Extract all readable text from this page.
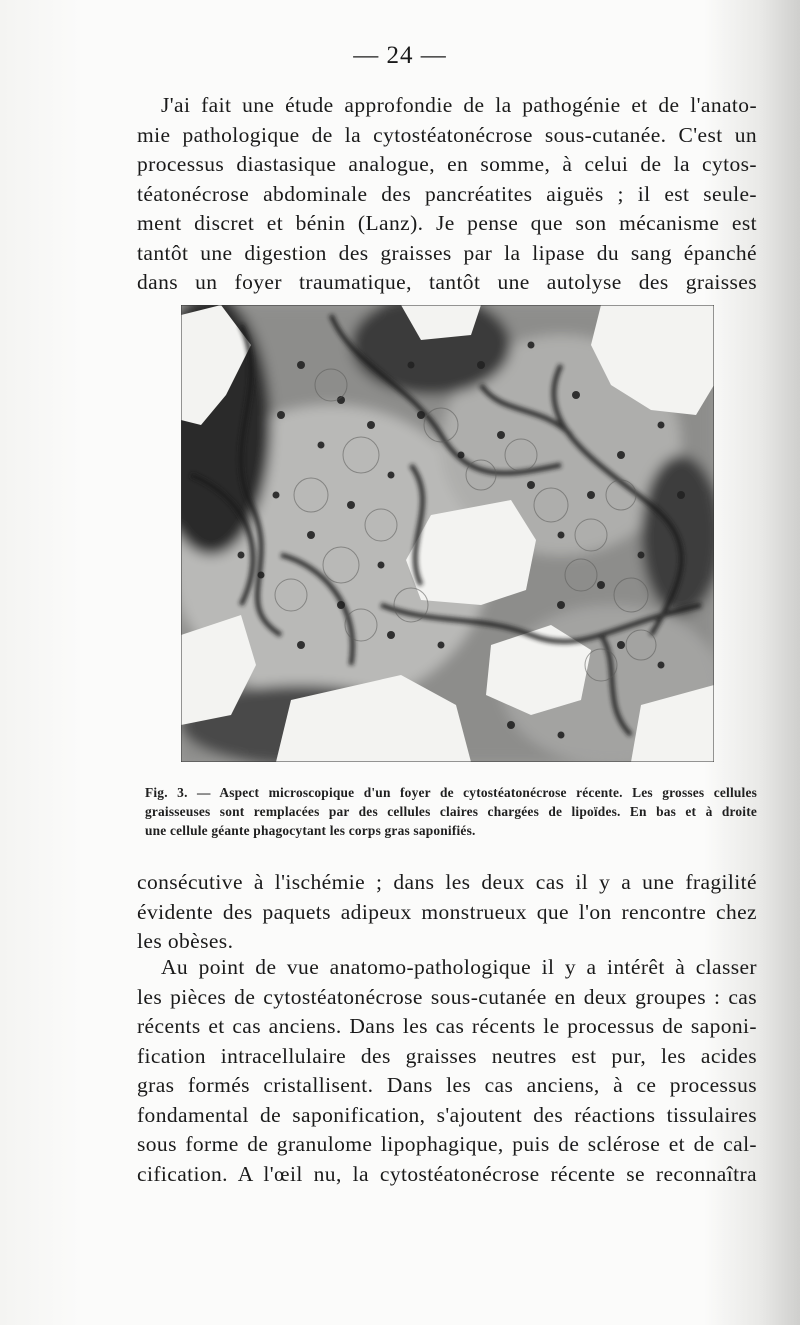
— 24 —
J'ai fait une étude approfondie de la pathogénie et de l'anato-
mie pathologique de la cytostéatonécrose sous-cutanée. C'est un
processus diastasique analogue, en somme, à celui de la cytos-
téatonécrose abdominale des pancréatites aiguës ; il est seule-
ment discret et bénin (Lanz). Je pense que son mécanisme est
tantôt une digestion des graisses par la lipase du sang épanché
dans un foyer traumatique, tantôt une autolyse des graisses
Fig. 3. — Aspect microscopique d'un foyer de cytostéatonécrose récente. Les grosses cellules
graisseuses sont remplacées par des cellules claires chargées de lipoïdes. En bas et à droite
une cellule géante phagocytant les corps gras saponifiés.
consécutive à l'ischémie ; dans les deux cas il y a une fragilité
évidente des paquets adipeux monstrueux que l'on rencontre chez
les obèses.
Au point de vue anatomo-pathologique il y a intérêt à classer
les pièces de cytostéatonécrose sous-cutanée en deux groupes : cas
récents et cas anciens. Dans les cas récents le processus de saponi-
fication intracellulaire des graisses neutres est pur, les acides
gras formés cristallisent. Dans les cas anciens, à ce processus
fondamental de saponification, s'ajoutent des réactions tissulaires
sous forme de granulome lipophagique, puis de sclérose et de cal-
cification. A l'œil nu, la cytostéatonécrose récente se reconnaîtra
